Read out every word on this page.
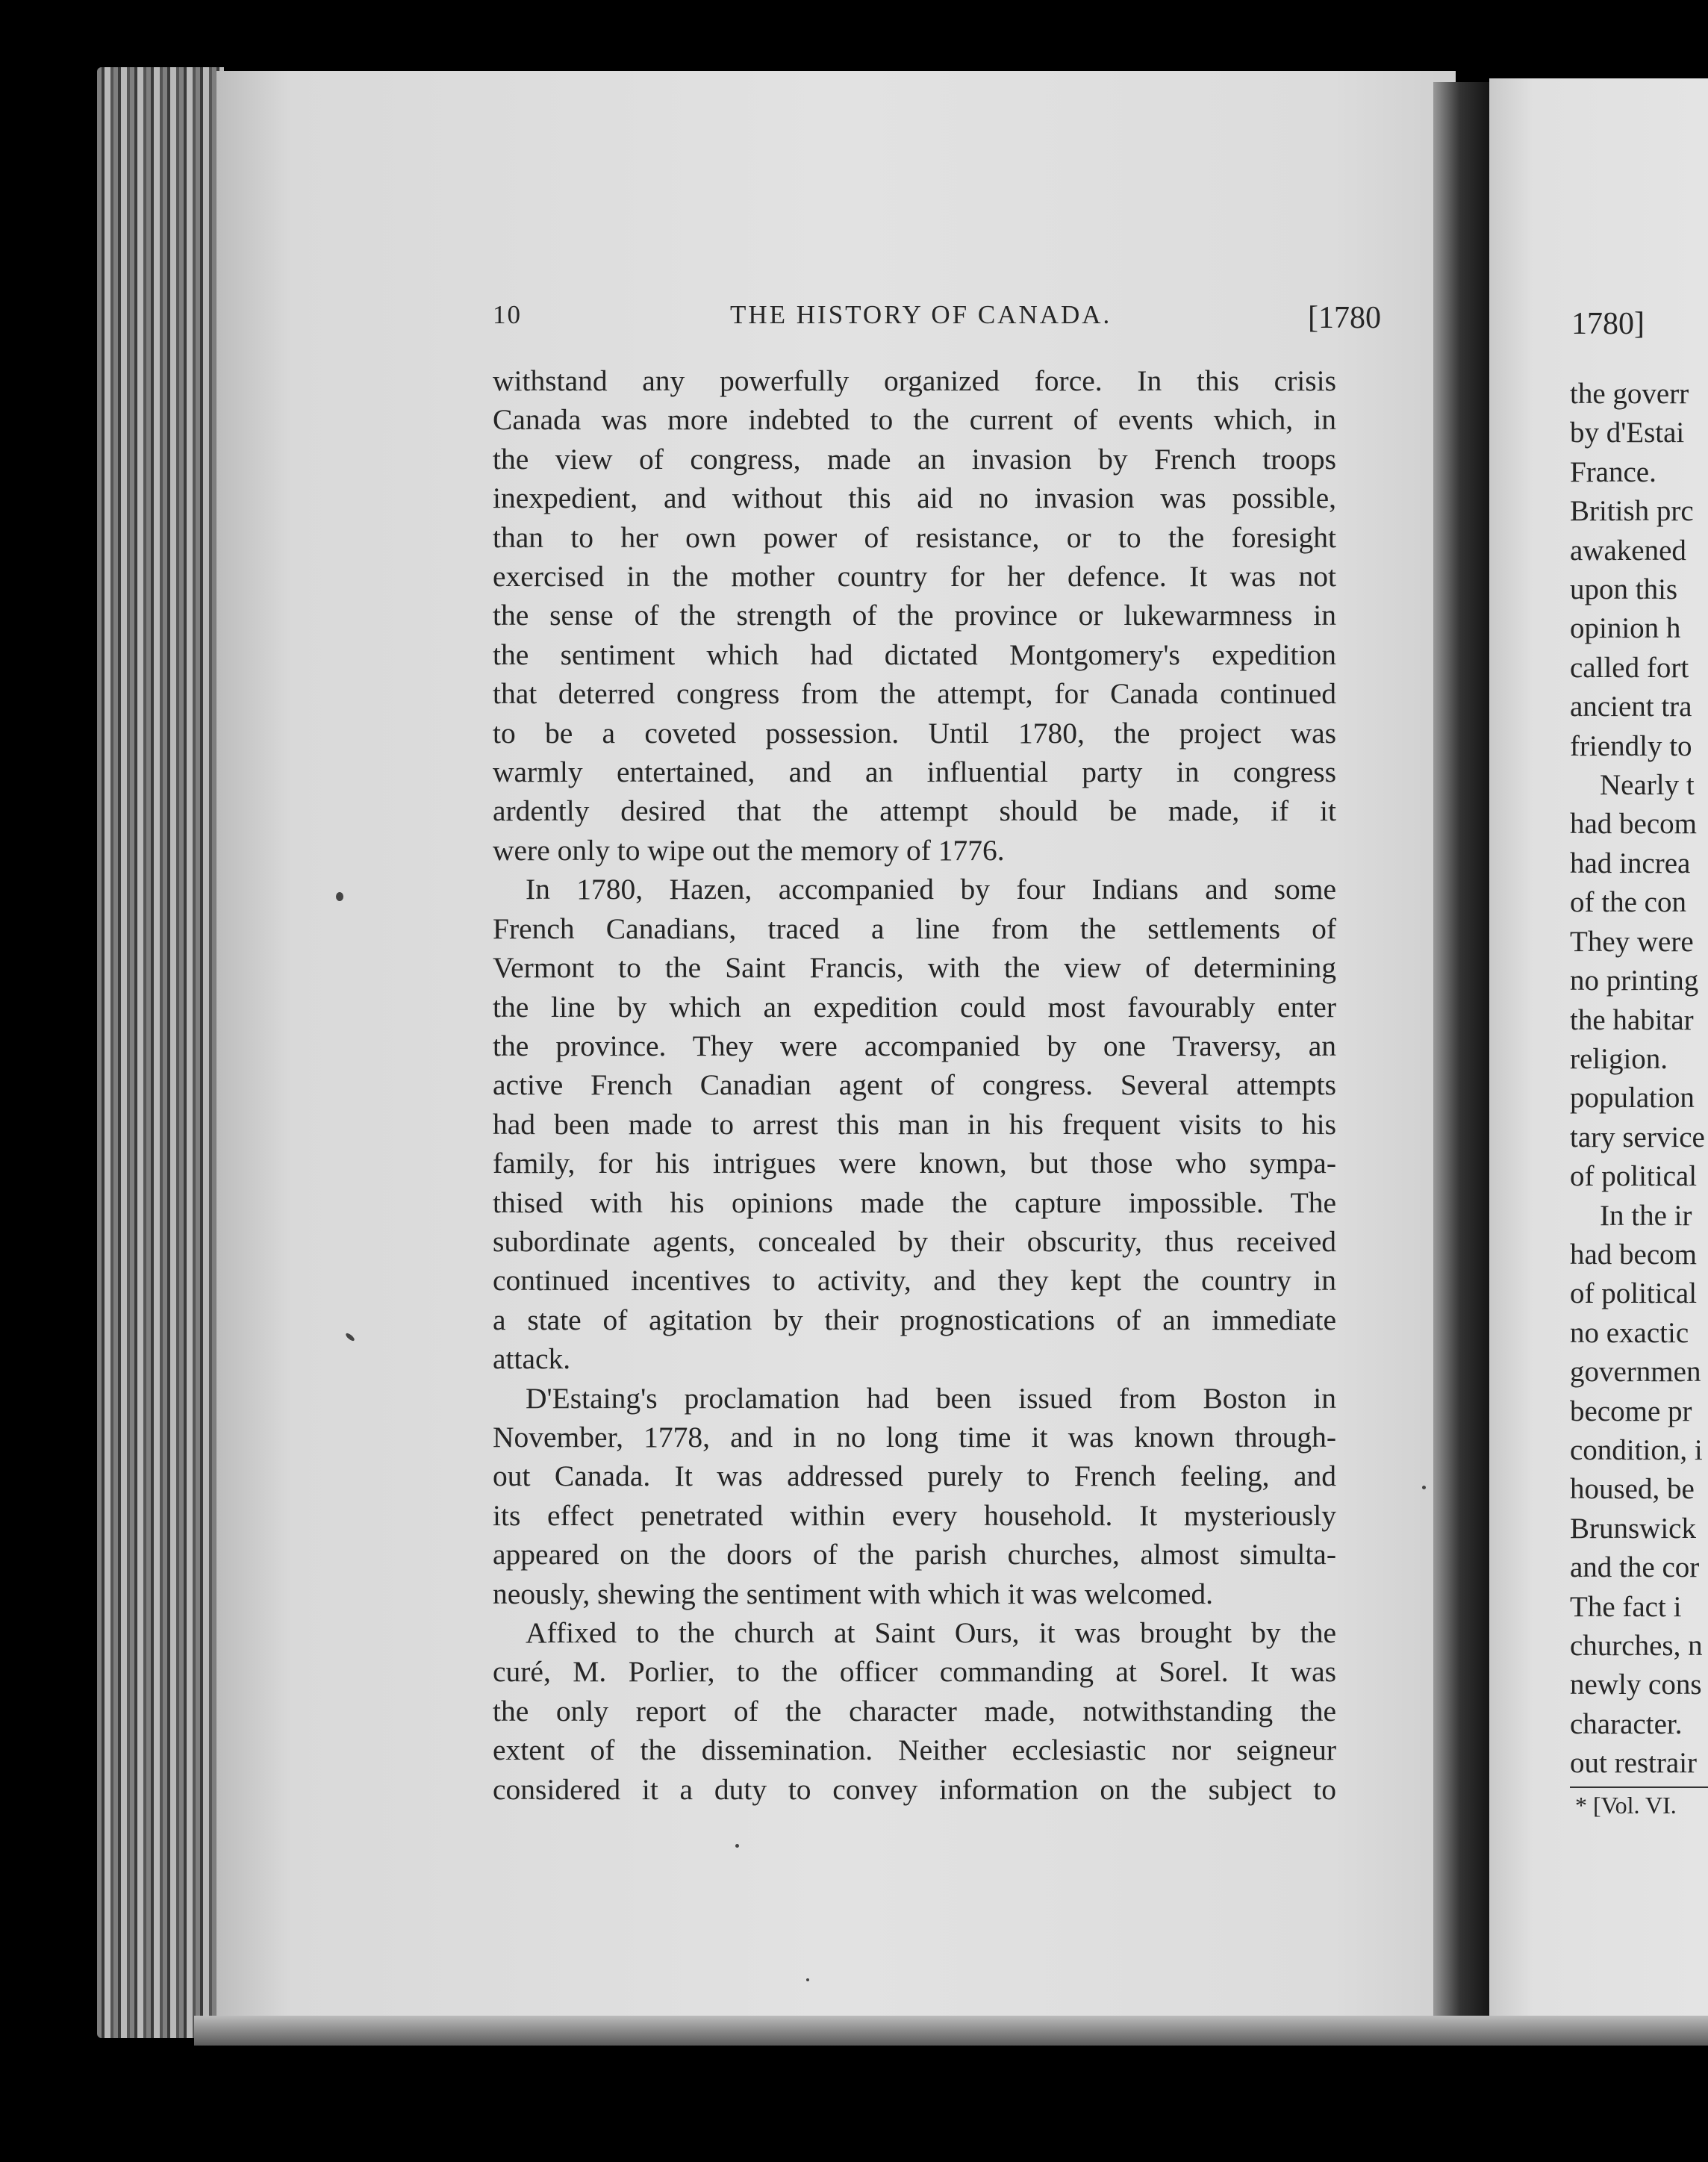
10	THE HISTORY OF CANADA.	[1780
withstand any powerfully organized force. In this crisis
Canada was more indebted to the current of events which, in
the view of congress, made an invasion by French troops
inexpedient, and without this aid no invasion was possible,
than to her own power of resistance, or to the foresight
exercised in the mother country for her defence. It was not
the sense of the strength of the province or lukewarmness in
the sentiment which had dictated Montgomery's expedition
that deterred congress from the attempt, for Canada continued
to be a coveted possession. Until 1780, the project was
warmly entertained, and an influential party in congress
ardently desired that the attempt should be made, if it
were only to wipe out the memory of 1776.
In 1780, Hazen, accompanied by four Indians and some
French Canadians, traced a line from the settlements of
Vermont to the Saint Francis, with the view of determining
the line by which an expedition could most favourably enter
the province. They were accompanied by one Traversy, an
active French Canadian agent of congress. Several attempts
had been made to arrest this man in his frequent visits to his
family, for his intrigues were known, but those who sympa-
thised with his opinions made the capture impossible. The
subordinate agents, concealed by their obscurity, thus received
continued incentives to activity, and they kept the country in
a state of agitation by their prognostications of an immediate
attack.
D'Estaing's proclamation had been issued from Boston in
November, 1778, and in no long time it was known through-
out Canada. It was addressed purely to French feeling, and
its effect penetrated within every household. It mysteriously
appeared on the doors of the parish churches, almost simulta-
neously, shewing the sentiment with which it was welcomed.
Affixed to the church at Saint Ours, it was brought by the
curé, M. Porlier, to the officer commanding at Sorel. It was
the only report of the character made, notwithstanding the
extent of the dissemination. Neither ecclesiastic nor seigneur
considered it a duty to convey information on the subject to
1780]
the goverr
by d'Estai
France.
British prc
awakened
upon this
opinion h
called fort
ancient tra
friendly to
Nearly t
had becom
had increa
of the con
They were
no printing
the habitar
religion.
population
tary service
of political
In the ir
had becom
of political
no exactic
governmen
become pr
condition, i
housed, be
Brunswick
and the cor
The fact i
churches, n
newly cons
character.
out restrair
* [Vol. VI.
